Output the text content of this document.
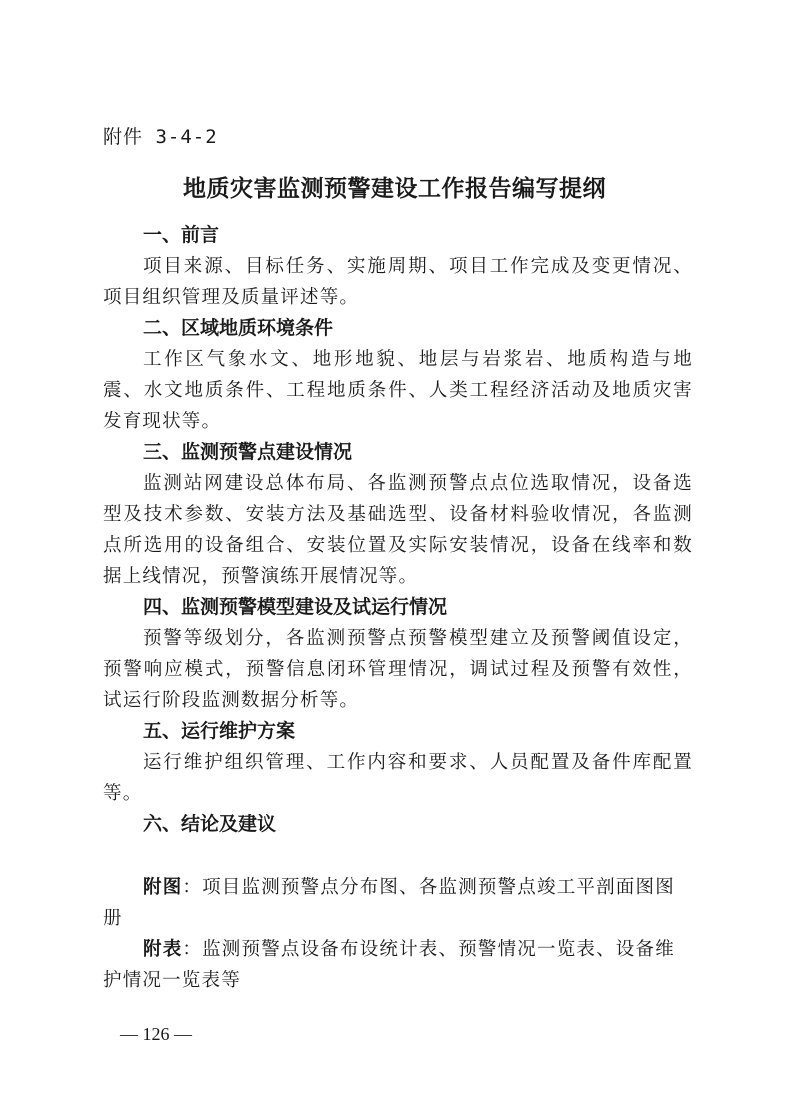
附件 3-4-2
地质灾害监测预警建设工作报告编写提纲
一、前言
项目来源、目标任务、实施周期、项目工作完成及变更情况、项目组织管理及质量评述等。
二、区域地质环境条件
工作区气象水文、地形地貌、地层与岩浆岩、地质构造与地震、水文地质条件、工程地质条件、人类工程经济活动及地质灾害发育现状等。
三、监测预警点建设情况
监测站网建设总体布局、各监测预警点点位选取情况，设备选型及技术参数、安装方法及基础选型、设备材料验收情况，各监测点所选用的设备组合、安装位置及实际安装情况，设备在线率和数据上线情况，预警演练开展情况等。
四、监测预警模型建设及试运行情况
预警等级划分，各监测预警点预警模型建立及预警阈值设定，预警响应模式，预警信息闭环管理情况，调试过程及预警有效性，试运行阶段监测数据分析等。
五、运行维护方案
运行维护组织管理、工作内容和要求、人员配置及备件库配置等。
六、结论及建议
附图：项目监测预警点分布图、各监测预警点竣工平剖面图图册
附表：监测预警点设备布设统计表、预警情况一览表、设备维护情况一览表等
— 126 —
